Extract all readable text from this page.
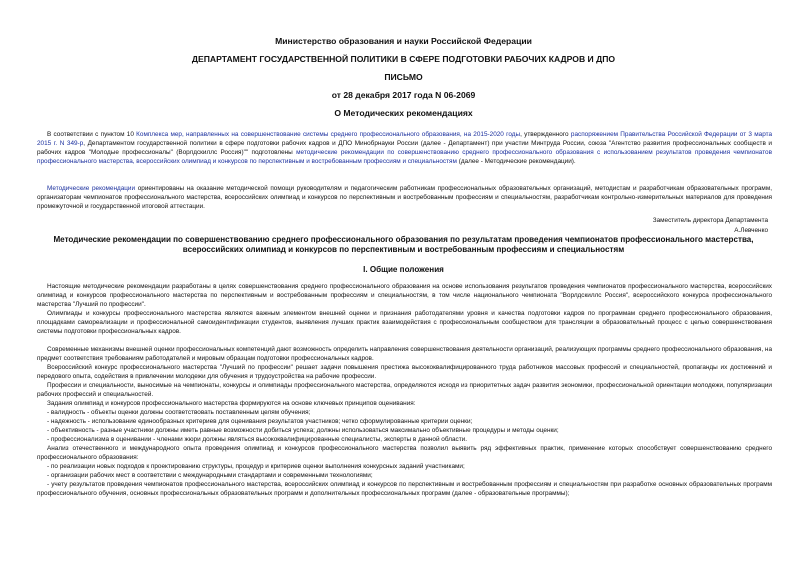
Министерство образования и науки Российской Федерации
ДЕПАРТАМЕНТ ГОСУДАРСТВЕННОЙ ПОЛИТИКИ В СФЕРЕ ПОДГОТОВКИ РАБОЧИХ КАДРОВ И ДПО
ПИСЬМО
от 28 декабря 2017 года N 06-2069
О Методических рекомендациях

В соответствии с пунктом 10 Комплекса мер, направленных на совершенствование системы среднего профессионального образования, на 2015-2020 годы, утвержденного распоряжением Правительства Российской Федерации от 3 марта 2015 г. N 349-р, Департаментом государственной политики в сфере подготовки рабочих кадров и ДПО Минобрнауки России (далее - Департамент) при участии Минтруда России, союза "Агентство развития профессиональных сообществ и рабочих кадров "Молодые профессионалы" (Ворлдскиллс Россия)"" подготовлены методические рекомендации по совершенствованию среднего профессионального образования с использованием результатов проведения чемпионатов профессионального мастерства, всероссийских олимпиад и конкурсов по перспективным и востребованным профессиям и специальностям (далее - Методические рекомендации).

Методические рекомендации ориентированы на оказание методической помощи руководителям и педагогическим работникам профессиональных образовательных организаций, методистам и разработчикам образовательных программ, организаторам чемпионатов профессионального мастерства, всероссийских олимпиад и конкурсов по перспективным и востребованным профессиям и специальностям, разработчикам контрольно-измерительных материалов для проведения промежуточной и государственной итоговой аттестации.

Заместитель директора Департамента
А.Левченко
Методические рекомендации по совершенствованию среднего профессионального образования по результатам проведения чемпионатов профессионального мастерства, всероссийских олимпиад и конкурсов по перспективным и востребованным профессиям и специальностям
I. Общие положения

Настоящие методические рекомендации разработаны в целях совершенствования среднего профессионального образования на основе использования результатов проведения чемпионатов профессионального мастерства, всероссийских олимпиад и конкурсов профессионального мастерства по перспективным и востребованным профессиям и специальностям, в том числе национального чемпионата "Ворлдскиллс Россия", всероссийского конкурса профессионального мастерства "Лучший по профессии".

Олимпиады и конкурсы профессионального мастерства являются важным элементом внешней оценки и признания работодателями уровня и качества подготовки кадров по программам среднего профессионального образования, площадками самореализации и профессиональной самоидентификации студентов, выявления лучших практик взаимодействия с профессиональным сообществом для трансляции в образовательный процесс с целью совершенствования системы подготовки профессиональных кадров.

Современные механизмы внешней оценки профессиональных компетенций дают возможность определить направления совершенствования деятельности организаций, реализующих программы среднего профессионального образования, на предмет соответствия требованиям работодателей и мировым образцам подготовки профессиональных кадров.

Всероссийский конкурс профессионального мастерства "Лучший по профессии" решает задачи повышения престижа высококвалифицированного труда работников массовых профессий и специальностей, пропаганды их достижений и передового опыта, содействия в привлечении молодежи для обучения и трудоустройства на рабочие профессии.

Профессии и специальности, выносимые на чемпионаты, конкурсы и олимпиады профессионального мастерства, определяются исходя из приоритетных задач развития экономики, профессиональной ориентации молодежи, популяризации рабочих профессий и специальностей.

Задания олимпиад и конкурсов профессионального мастерства формируются на основе ключевых принципов оценивания:

- валидность - объекты оценки должны соответствовать поставленным целям обучения;

- надежность - использование единообразных критериев для оценивания результатов участников; четко сформулированные критерии оценки;

- объективность - разные участники должны иметь равные возможности добиться успеха; должны использоваться максимально объективные процедуры и методы оценки;

- профессионализма в оценивании - членами жюри должны являться высококвалифицированные специалисты, эксперты в данной области.

Анализ отечественного и международного опыта проведения олимпиад и конкурсов профессионального мастерства позволил выявить ряд эффективных практик, применение которых способствует совершенствованию среднего профессионального образования:

- по реализации новых подходов к проектированию структуры, процедур и критериев оценки выполнения конкурсных заданий участниками;

- организации рабочих мест в соответствии с международными стандартами и современными технологиями;

- учету результатов проведения чемпионатов профессионального мастерства, всероссийских олимпиад и конкурсов по перспективным и востребованным профессиям и специальностям при разработке основных образовательных программ профессионального обучения, основных профессиональных образовательных программ и дополнительных профессиональных программ (далее - образовательные программы);
